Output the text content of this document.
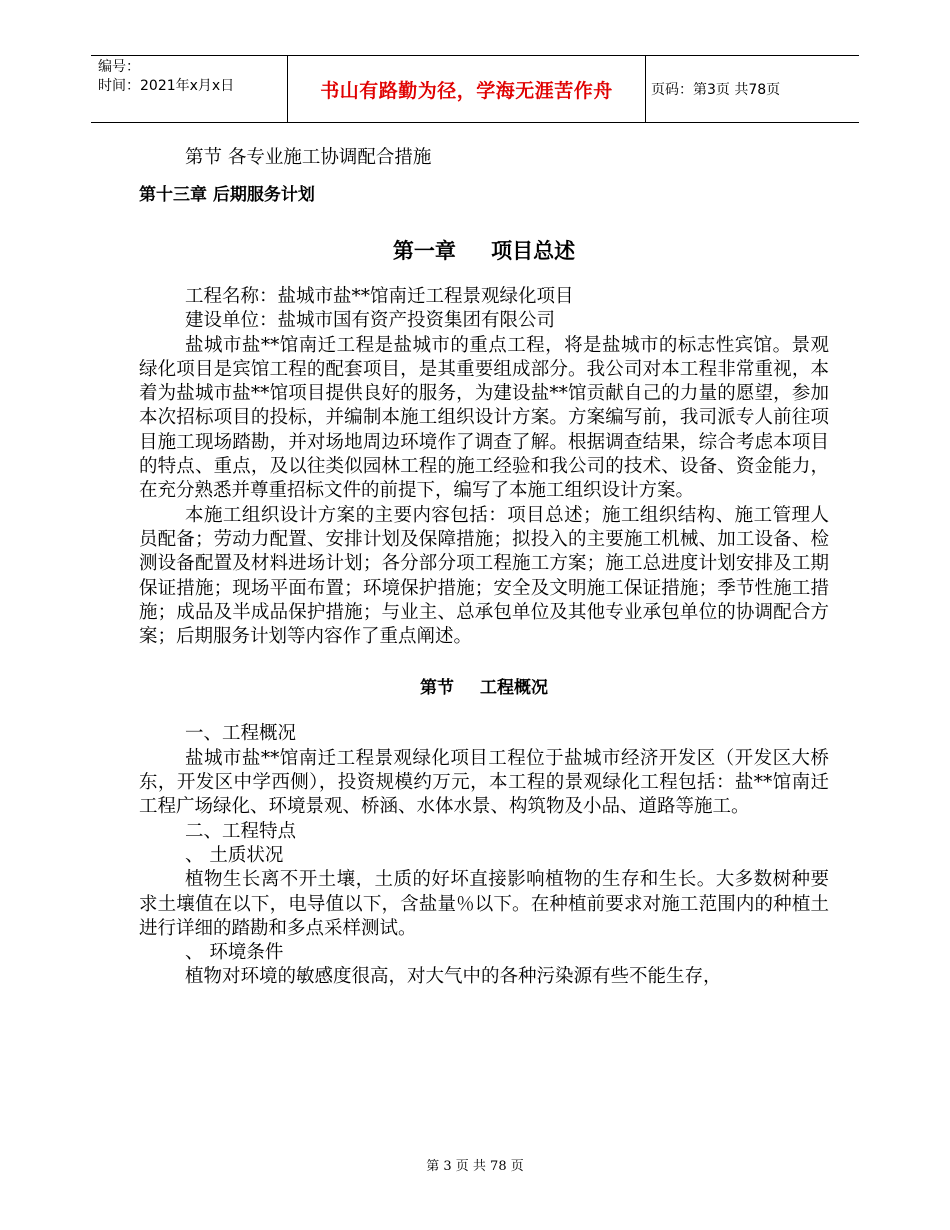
编号：
时间：2021年x月x日	书山有路勤为径，学海无涯苦作舟	页码：第3页 共78页

第节 各专业施工协调配合措施

第十三章 后期服务计划

第一章 项目总述

工程名称：盐城市盐**馆南迁工程景观绿化项目

建设单位：盐城市国有资产投资集团有限公司

盐城市盐**馆南迁工程是盐城市的重点工程，将是盐城市的标志性宾馆。景观绿化项目是宾馆工程的配套项目，是其重要组成部分。我公司对本工程非常重视，本着为盐城市盐**馆项目提供良好的服务，为建设盐**馆贡献自己的力量的愿望，参加本次招标项目的投标，并编制本施工组织设计方案。方案编写前，我司派专人前往项目施工现场踏勘，并对场地周边环境作了调查了解。根据调查结果，综合考虑本项目的特点、重点，及以往类似园林工程的施工经验和我公司的技术、设备、资金能力，在充分熟悉并尊重招标文件的前提下，编写了本施工组织设计方案。

本施工组织设计方案的主要内容包括：项目总述；施工组织结构、施工管理人员配备；劳动力配置、安排计划及保障措施；拟投入的主要施工机械、加工设备、检测设备配置及材料进场计划；各分部分项工程施工方案；施工总进度计划安排及工期保证措施；现场平面布置；环境保护措施；安全及文明施工保证措施；季节性施工措施；成品及半成品保护措施；与业主、总承包单位及其他专业承包单位的协调配合方案；后期服务计划等内容作了重点阐述。

第节 工程概况

一、工程概况

盐城市盐**馆南迁工程景观绿化项目工程位于盐城市经济开发区（开发区大桥东，开发区中学西侧），投资规模约万元，本工程的景观绿化工程包括：盐**馆南迁工程广场绿化、环境景观、桥涵、水体水景、构筑物及小品、道路等施工。

二、工程特点

、 土质状况

植物生长离不开土壤，土质的好坏直接影响植物的生存和生长。大多数树种要求土壤值在以下，电导值以下，含盐量％以下。在种植前要求对施工范围内的种植土进行详细的踏勘和多点采样测试。

、 环境条件

植物对环境的敏感度很高，对大气中的各种污染源有些不能生存，

第 3 页 共 78 页
